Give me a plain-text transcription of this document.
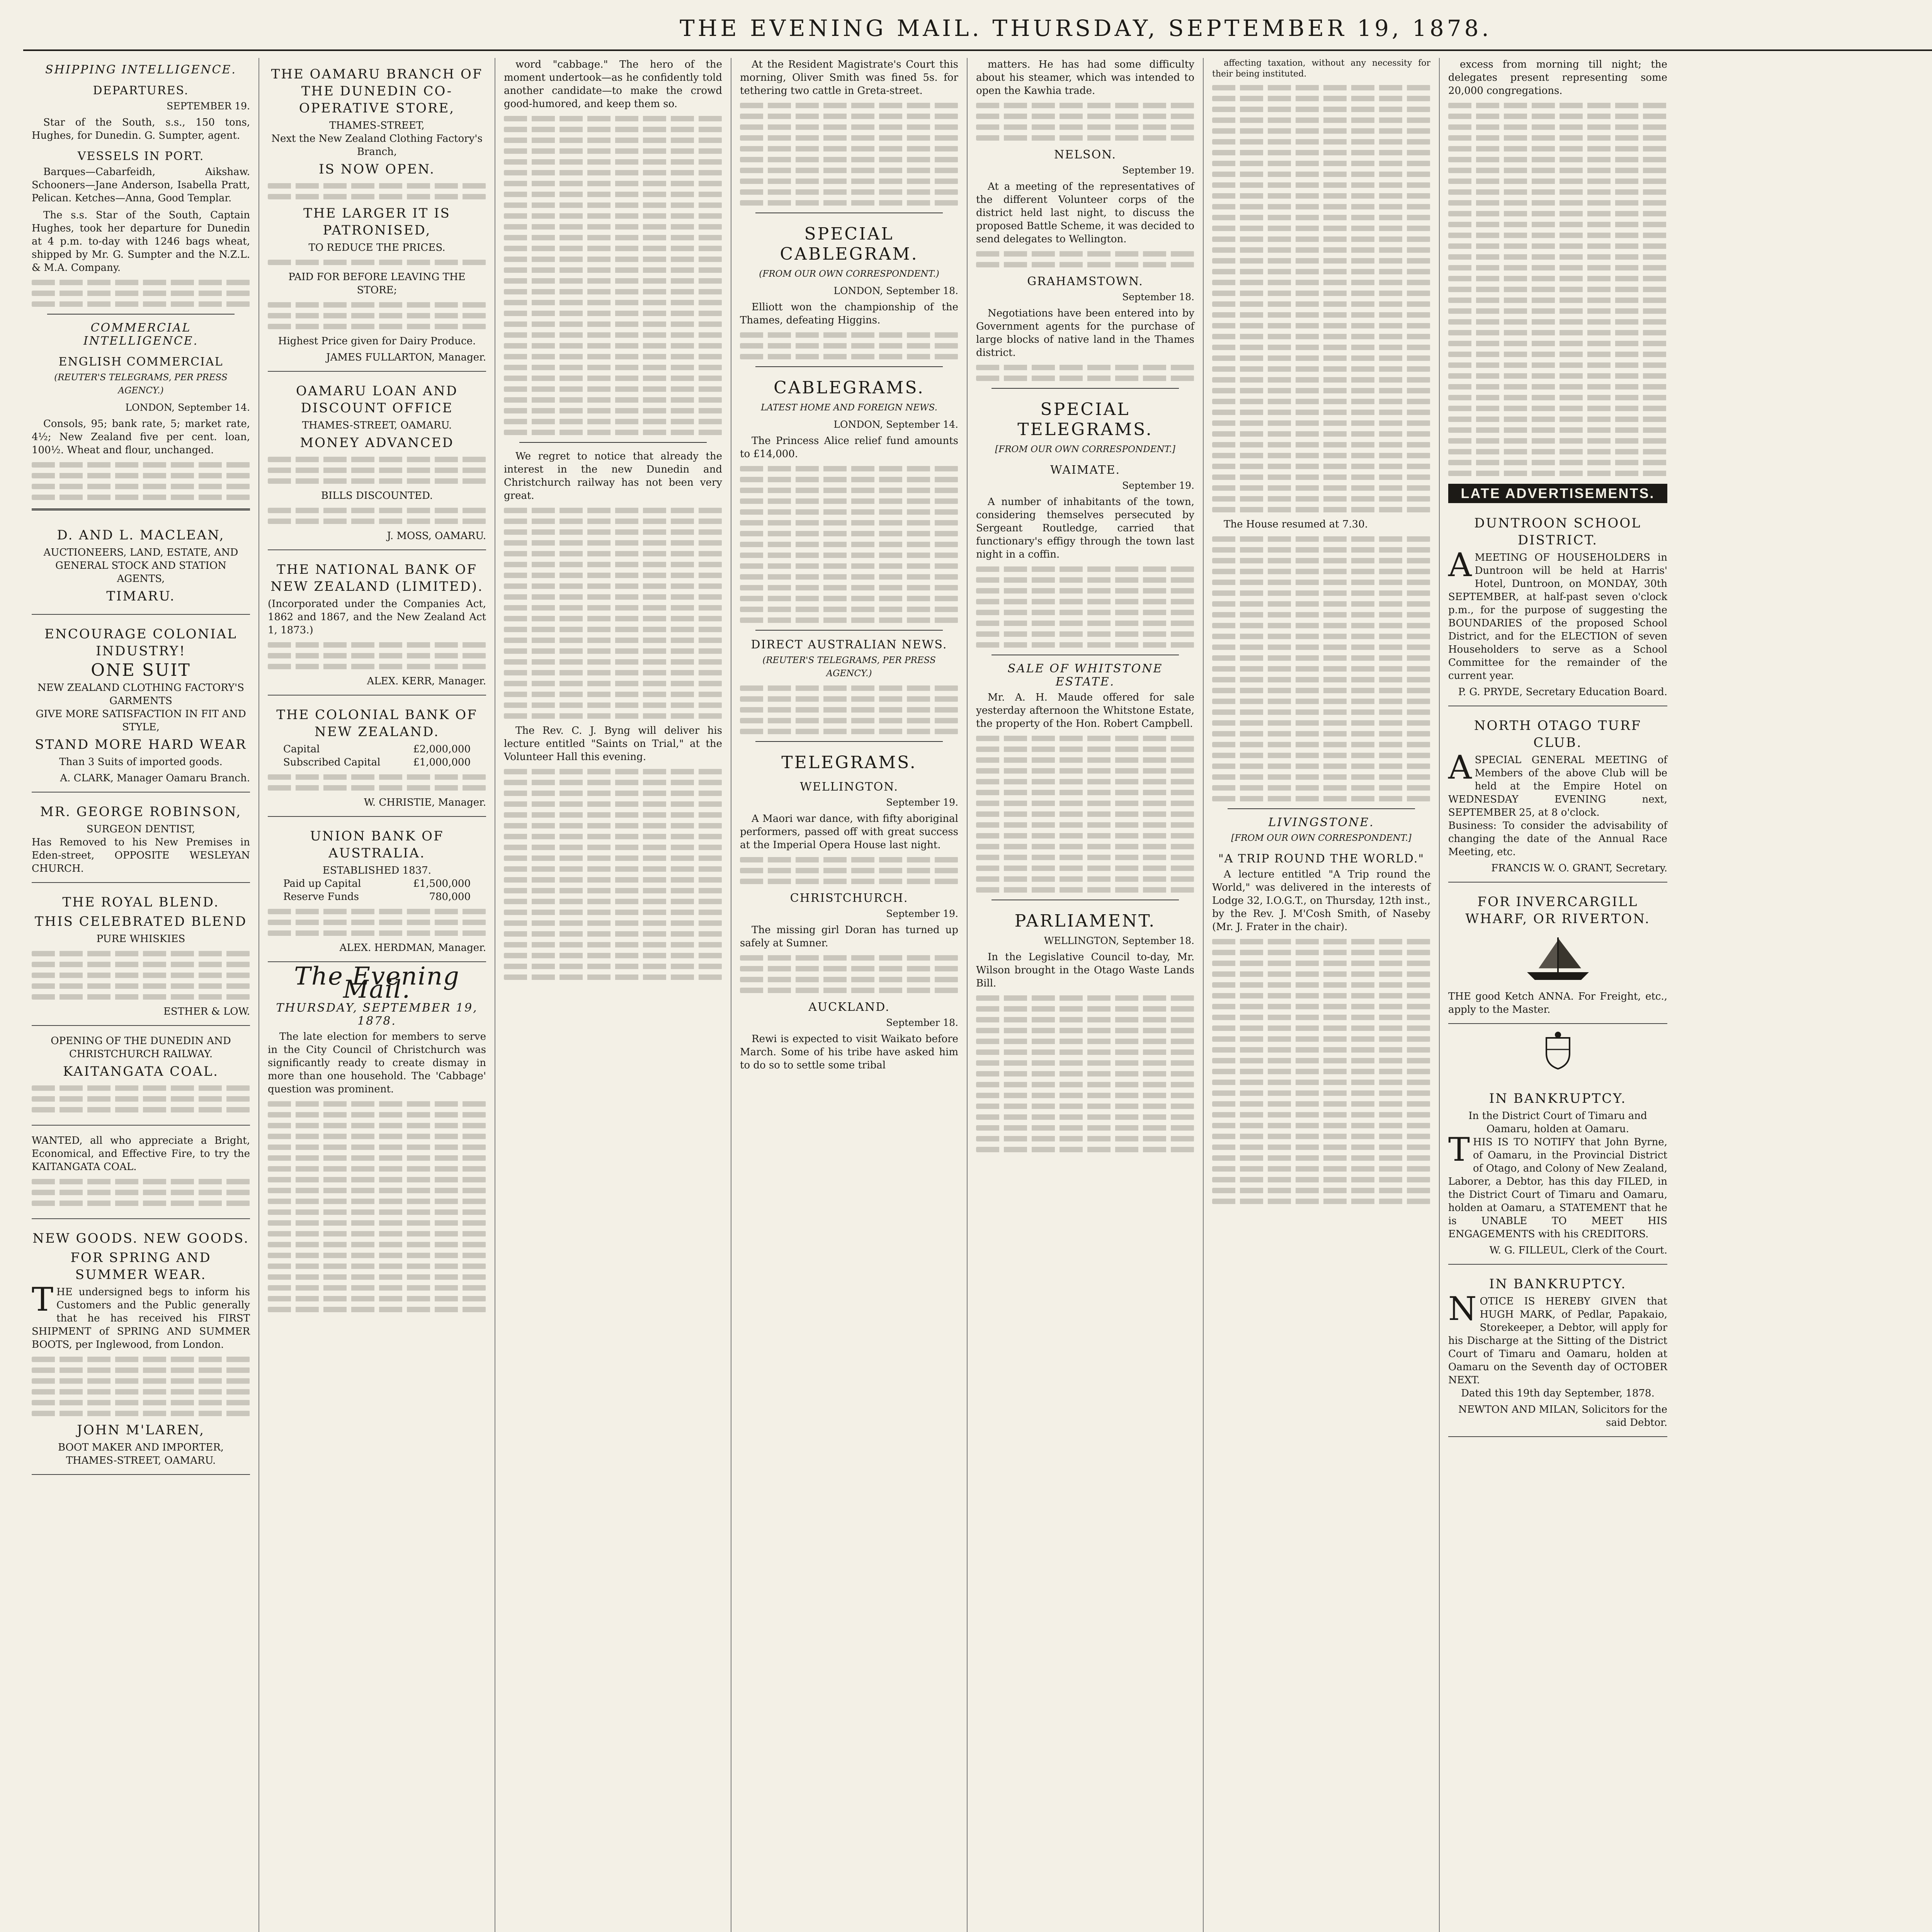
THE EVENING MAIL. THURSDAY, SEPTEMBER 19, 1878.
SHIPPING INTELLIGENCE.
DEPARTURES.
SEPTEMBER 19.

Star of the South, s.s., 150 tons, Hughes, for Dunedin. G. Sumpter, agent.

VESSELS IN PORT.

Barques—Cabarfeidh, Aikshaw. Schooners—Jane Anderson, Isabella Pratt, Pelican. Ketches—Anna, Good Templar.

The s.s. Star of the South, Captain Hughes, took her departure for Dunedin at 4 p.m. to-day with 1246 bags wheat, shipped by Mr. G. Sumpter and the N.Z.L. & M.A. Company.

COMMERCIAL INTELLIGENCE.
ENGLISH COMMERCIAL
(REUTER'S TELEGRAMS, PER PRESS AGENCY.)
LONDON, September 14.

Consols, 95; bank rate, 5; market rate, 4½; New Zealand five per cent. loan, 100½. Wheat and flour, unchanged.

D. AND L. MACLEAN,
AUCTIONEERS, LAND, ESTATE, AND GENERAL STOCK AND STATION AGENTS,
TIMARU.
ENCOURAGE COLONIAL INDUSTRY!
ONE SUIT
NEW ZEALAND CLOTHING FACTORY'S GARMENTS
GIVE MORE SATISFACTION IN FIT AND STYLE,
STAND MORE HARD WEAR
Than 3 Suits of imported goods.
A. CLARK, Manager Oamaru Branch.
MR. GEORGE ROBINSON,
SURGEON DENTIST,
Has Removed to his New Premises in Eden-street, OPPOSITE WESLEYAN CHURCH.
THE ROYAL BLEND.
THIS CELEBRATED BLEND
PURE WHISKIES
ESTHER & LOW.
OPENING OF THE DUNEDIN AND CHRISTCHURCH RAILWAY.
KAITANGATA COAL.
WANTED, all who appreciate a Bright, Economical, and Effective Fire, to try the KAITANGATA COAL.
NEW GOODS. NEW GOODS.
FOR SPRING AND SUMMER WEAR.
THE undersigned begs to inform his Customers and the Public generally that he has received his FIRST SHIPMENT of SPRING AND SUMMER BOOTS, per Inglewood, from London.
JOHN M'LAREN,
BOOT MAKER AND IMPORTER,
THAMES-STREET, OAMARU.
THE OAMARU BRANCH OF THE DUNEDIN CO-OPERATIVE STORE,
THAMES-STREET,
Next the New Zealand Clothing Factory's Branch,
IS NOW OPEN.
THE LARGER IT IS PATRONISED,
TO REDUCE THE PRICES.
PAID FOR BEFORE LEAVING THE STORE;
Highest Price given for Dairy Produce.
JAMES FULLARTON, Manager.
OAMARU LOAN AND DISCOUNT OFFICE
THAMES-STREET, OAMARU.
MONEY ADVANCED
BILLS DISCOUNTED.
J. MOSS, OAMARU.
THE NATIONAL BANK OF NEW ZEALAND (LIMITED).
(Incorporated under the Companies Act, 1862 and 1867, and the New Zealand Act 1, 1873.)
ALEX. KERR, Manager.
THE COLONIAL BANK OF NEW ZEALAND.
Capital	£2,000,000
Subscribed Capital	£1,000,000
W. CHRISTIE, Manager.
UNION BANK OF AUSTRALIA.
ESTABLISHED 1837.
Paid up Capital	£1,500,000
Reserve Funds	780,000
ALEX. HERDMAN, Manager.
The Evening Mail.
THURSDAY, SEPTEMBER 19, 1878.

The late election for members to serve in the City Council of Christchurch was significantly ready to create dismay in more than one household. The 'Cabbage' question was prominent.

word "cabbage." The hero of the moment undertook—as he confidently told another candidate—to make the crowd good-humored, and keep them so.

We regret to notice that already the interest in the new Dunedin and Christchurch railway has not been very great.

The Rev. C. J. Byng will deliver his lecture entitled "Saints on Trial," at the Volunteer Hall this evening.

At the Resident Magistrate's Court this morning, Oliver Smith was fined 5s. for tethering two cattle in Greta-street.

SPECIAL CABLEGRAM.
(FROM OUR OWN CORRESPONDENT.)
LONDON, September 18.

Elliott won the championship of the Thames, defeating Higgins.

CABLEGRAMS.
LATEST HOME AND FOREIGN NEWS.
LONDON, September 14.

The Princess Alice relief fund amounts to £14,000.

DIRECT AUSTRALIAN NEWS.
(REUTER'S TELEGRAMS, PER PRESS AGENCY.)
TELEGRAMS.
WELLINGTON.
September 19.

A Maori war dance, with fifty aboriginal performers, passed off with great success at the Imperial Opera House last night.

CHRISTCHURCH.
September 19.

The missing girl Doran has turned up safely at Sumner.

AUCKLAND.
September 18.

Rewi is expected to visit Waikato before March. Some of his tribe have asked him to do so to settle some tribal

matters. He has had some difficulty about his steamer, which was intended to open the Kawhia trade.

NELSON.
September 19.

At a meeting of the representatives of the different Volunteer corps of the district held last night, to discuss the proposed Battle Scheme, it was decided to send delegates to Wellington.

GRAHAMSTOWN.
September 18.

Negotiations have been entered into by Government agents for the purchase of large blocks of native land in the Thames district.

SPECIAL TELEGRAMS.
[FROM OUR OWN CORRESPONDENT.]
WAIMATE.
September 19.

A number of inhabitants of the town, considering themselves persecuted by Sergeant Routledge, carried that functionary's effigy through the town last night in a coffin.

SALE OF WHITSTONE ESTATE.

Mr. A. H. Maude offered for sale yesterday afternoon the Whitstone Estate, the property of the Hon. Robert Campbell.

PARLIAMENT.
WELLINGTON, September 18.

In the Legislative Council to-day, Mr. Wilson brought in the Otago Waste Lands Bill.

affecting taxation, without any necessity for their being instituted.

The House resumed at 7.30.

LIVINGSTONE.
[FROM OUR OWN CORRESPONDENT.]
"A TRIP ROUND THE WORLD."

A lecture entitled "A Trip round the World," was delivered in the interests of Lodge 32, I.O.G.T., on Thursday, 12th inst., by the Rev. J. M'Cosh Smith, of Naseby (Mr. J. Frater in the chair).

excess from morning till night; the delegates present representing some 20,000 congregations.

LATE ADVERTISEMENTS.
DUNTROON SCHOOL DISTRICT.
AMEETING OF HOUSEHOLDERS in Duntroon will be held at Harris' Hotel, Duntroon, on MONDAY, 30th SEPTEMBER, at half-past seven o'clock p.m., for the purpose of suggesting the BOUNDARIES of the proposed School District, and for the ELECTION of seven Householders to serve as a School Committee for the remainder of the current year.
P. G. PRYDE, Secretary Education Board.
NORTH OTAGO TURF CLUB.
ASPECIAL GENERAL MEETING of Members of the above Club will be held at the Empire Hotel on WEDNESDAY EVENING next, SEPTEMBER 25, at 8 o'clock.
Business: To consider the advisability of changing the date of the Annual Race Meeting, etc.
FRANCIS W. O. GRANT, Secretary.
FOR INVERCARGILL WHARF, OR RIVERTON.
THE good Ketch ANNA. For Freight, etc., apply to the Master.
IN BANKRUPTCY.
In the District Court of Timaru and Oamaru, holden at Oamaru.
THIS IS TO NOTIFY that John Byrne, of Oamaru, in the Provincial District of Otago, and Colony of New Zealand, Laborer, a Debtor, has this day FILED, in the District Court of Timaru and Oamaru, holden at Oamaru, a STATEMENT that he is UNABLE TO MEET HIS ENGAGEMENTS with his CREDITORS.
W. G. FILLEUL, Clerk of the Court.
IN BANKRUPTCY.
NOTICE IS HEREBY GIVEN that HUGH MARK, of Pedlar, Papakaio, Storekeeper, a Debtor, will apply for his Discharge at the Sitting of the District Court of Timaru and Oamaru, holden at Oamaru on the Seventh day of OCTOBER NEXT.
Dated this 19th day September, 1878.
NEWTON AND MILAN, Solicitors for the said Debtor.
